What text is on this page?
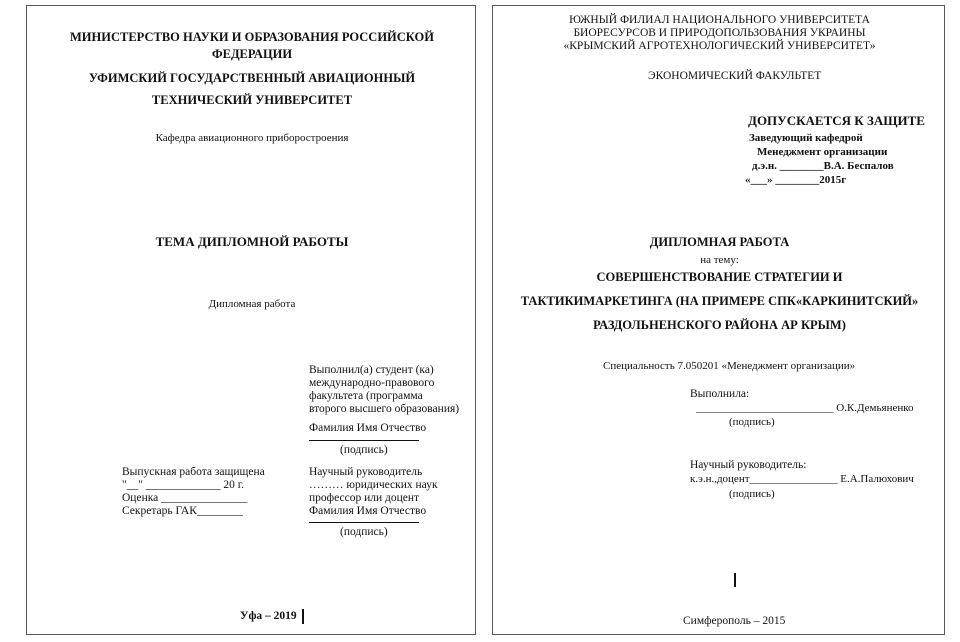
МИНИСТЕРСТВО НАУКИ И ОБРАЗОВАНИЯ РОССИЙСКОЙ
ФЕДЕРАЦИИ
УФИМСКИЙ ГОСУДАРСТВЕННЫЙ АВИАЦИОННЫЙ
ТЕХНИЧЕСКИЙ УНИВЕРСИТЕТ
Кафедра авиационного приборостроения
ТЕМА ДИПЛОМНОЙ РАБОТЫ
Дипломная работа
Выполнил(а) студент (ка)
международно-правового
факультета (программа
второго высшего образования)
Фамилия Имя Отчество
(подпись)
Выпускная работа защищена
"__" _____________ 20 г.
Оценка _______________
Секретарь ГАК________
Научный руководитель
……… юридических наук
профессор или доцент
Фамилия Имя Отчество
(подпись)
Уфа – 2019
ЮЖНЫЙ ФИЛИАЛ НАЦИОНАЛЬНОГО УНИВЕРСИТЕТА
БИОРЕСУРСОВ И ПРИРОДОПОЛЬЗОВАНИЯ УКРАИНЫ
«КРЫМСКИЙ АГРОТЕХНОЛОГИЧЕСКИЙ УНИВЕРСИТЕТ»
ЭКОНОМИЧЕСКИЙ ФАКУЛЬТЕТ
ДОПУСКАЕТСЯ К ЗАЩИТЕ
Заведующий кафедрой
Менеджмент организации
д.э.н. ________В.А. Беспалов
«___» ________2015г
ДИПЛОМНАЯ РАБОТА
на тему:
СОВЕРШЕНСТВОВАНИЕ СТРАТЕГИИ И
ТАКТИКИМАРКЕТИНГА (НА ПРИМЕРЕ СПК«КАРКИНИТСКИЙ»
РАЗДОЛЬНЕНСКОГО РАЙОНА АР КРЫМ)
Специальность 7.050201 «Менеджмент организации»
Выполнила:
_________________________ О.К.Демьяненко
(подпись)
Научный руководитель:
к.э.н.,доцент________________ Е.А.Палюхович
(подпись)
Симферополь – 2015
